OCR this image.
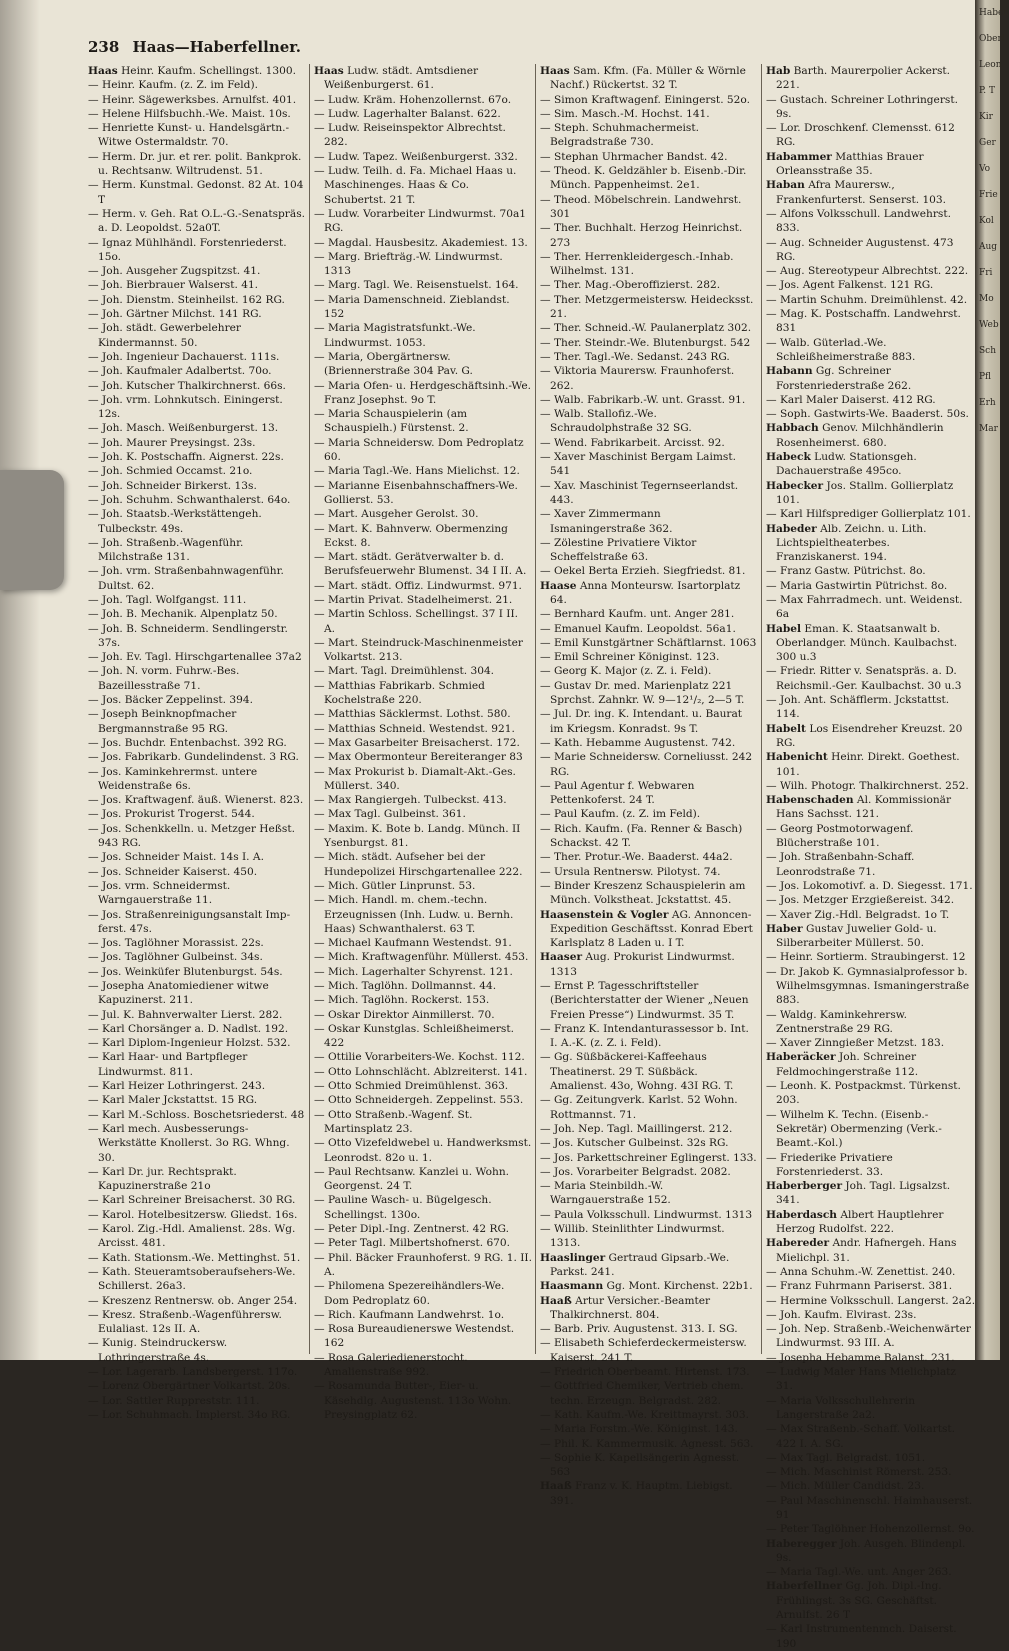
238 Haas—Haberfellner.
Haas Heinr. Kaufm. Schellingst. 1300.
— Heinr. Kaufm. (z. Z. im Feld).
— Heinr. Sägewerksbes. Arnulfst. 401.
— Helene Hilfsbuchh.-We. Maist. 10s.
— Henriette Kunst- u. Handelsgärtn.-Witwe Ostermaldstr. 70.
— Herm. Dr. jur. et rer. polit. Bankprok. u. Rechtsanw. Wiltrudenst. 51.
— Herm. Kunstmal. Gedonst. 82 At. 104 T
— Herm. v. Geh. Rat O.L.-G.-Senatspräs. a. D. Leopoldst. 52a0T.
— Ignaz Mühlhändl. Forstenriederst. 15o.
— Joh. Ausgeher Zugspitzst. 41.
— Joh. Bierbrauer Walserst. 41.
— Joh. Dienstm. Steinheilst. 162 RG.
— Joh. Gärtner Milchst. 141 RG.
— Joh. städt. Gewerbelehrer Kindermannst. 50.
— Joh. Ingenieur Dachauerst. 111s.
— Joh. Kaufmaler Adalbertst. 70o.
— Joh. Kutscher Thalkirchnerst. 66s.
— Joh. vrm. Lohnkutsch. Einingerst. 12s.
— Joh. Masch. Weißenburgerst. 13.
— Joh. Maurer Preysingst. 23s.
— Joh. K. Postschaffn. Aignerst. 22s.
— Joh. Schmied Occamst. 21o.
— Joh. Schneider Birkerst. 13s.
— Joh. Schuhm. Schwanthalerst. 64o.
— Joh. Staatsb.-Werkstättengeh. Tulbeckstr. 49s.
— Joh. Straßenb.-Wagenführ. Milchstraße 131.
— Joh. vrm. Straßenbahnwagenführ. Dultst. 62.
— Joh. Tagl. Wolfgangst. 111.
— Joh. B. Mechanik. Alpenplatz 50.
— Joh. B. Schneiderm. Sendlingerstr. 37s.
— Joh. Ev. Tagl. Hirschgartenallee 37a2
— Joh. N. vorm. Fuhrw.-Bes. Bazeillesstraße 71.
— Jos. Bäcker Zeppelinst. 394.
— Joseph Beinknopfmacher Bergmannstraße 95 RG.
— Jos. Buchdr. Entenbachst. 392 RG.
— Jos. Fabrikarb. Gundelindenst. 3 RG.
— Jos. Kaminkehrermst. untere Weidenstraße 6s.
— Jos. Kraftwagenf. äuß. Wienerst. 823.
— Jos. Prokurist Trogerst. 544.
— Jos. Schenkkelln. u. Metzger Heßst. 943 RG.
— Jos. Schneider Maist. 14s I. A.
— Jos. Schneider Kaiserst. 450.
— Jos. vrm. Schneidermst. Warngauerstraße 11.
— Jos. Straßenreinigungsanstalt Imp- ferst. 47s.
— Jos. Taglöhner Morassist. 22s.
— Jos. Taglöhner Gulbeinst. 34s.
— Jos. Weinküfer Blutenburgst. 54s.
— Josepha Anatomiediener witwe Kapuzinerst. 211.
— Jul. K. Bahnverwalter Lierst. 282.
— Karl Chorsänger a. D. Nadlst. 192.
— Karl Diplom-Ingenieur Holzst. 532.
— Karl Haar- und Bartpfleger Lindwurmst. 811.
— Karl Heizer Lothringerst. 243.
— Karl Maler Jckstattst. 15 RG.
— Karl M.-Schloss. Boschetsriederst. 48
— Karl mech. Ausbesserungs-Werkstätte Knollerst. 3o RG. Whng. 30.
— Karl Dr. jur. Rechtsprakt. Kapuzinerstraße 21o
— Karl Schreiner Breisacherst. 30 RG.
— Karol. Hotelbesitzersw. Gliedst. 16s.
— Karol. Zig.-Hdl. Amalienst. 28s. Wg. Arcisst. 481.
— Kath. Stationsm.-We. Mettinghst. 51.
— Kath. Steueramtsoberaufsehers-We. Schillerst. 26a3.
— Kreszenz Rentnersw. ob. Anger 254.
— Kresz. Straßenb.-Wagenführersw. Eulaliast. 12s II. A.
— Kunig. Steindruckersw. Lothringerstraße 4s.
— Lor. Lagerarb. Landsbergerst. 117o.
— Lorenz Obergärtner Volkartst. 20s.
— Lor. Sattler Ruppreststr. 111.
— Lor. Schuhmach. Implerst. 34o RG.
Haas Ludw. städt. Amtsdiener Weißenburgerst. 61.
— Ludw. Kräm. Hohenzollernst. 67o.
— Ludw. Lagerhalter Balanst. 622.
— Ludw. Reiseinspektor Albrechtst. 282.
— Ludw. Tapez. Weißenburgerst. 332.
— Ludw. Teilh. d. Fa. Michael Haas u. Maschinenges. Haas & Co. Schubertst. 21 T.
— Ludw. Vorarbeiter Lindwurmst. 70a1 RG.
— Magdal. Hausbesitz. Akademiest. 13.
— Marg. Briefträg.-W. Lindwurmst. 1313
— Marg. Tagl. We. Reisenstuelst. 164.
— Maria Damenschneid. Zieblandst. 152
— Maria Magistratsfunkt.-We. Lindwurmst. 1053.
— Maria, Obergärtnersw. (Briennerstraße 304 Pav. G.
— Maria Ofen- u. Herdgeschäftsinh.-We. Franz Josephst. 9o T.
— Maria Schauspielerin (am Schauspielh.) Fürstenst. 2.
— Maria Schneidersw. Dom Pedroplatz 60.
— Maria Tagl.-We. Hans Mielichst. 12.
— Marianne Eisenbahnschaffners-We. Gollierst. 53.
— Mart. Ausgeher Gerolst. 30.
— Mart. K. Bahnverw. Obermenzing Eckst. 8.
— Mart. städt. Gerätverwalter b. d. Berufsfeuerwehr Blumenst. 34 I II. A.
— Mart. städt. Offiz. Lindwurmst. 971.
— Martin Privat. Stadelheimerst. 21.
— Martin Schloss. Schellingst. 37 I II. A.
— Mart. Steindruck-Maschinenmeister Volkartst. 213.
— Mart. Tagl. Dreimühlenst. 304.
— Matthias Fabrikarb. Schmied Kochelstraße 220.
— Matthias Säcklermst. Lothst. 580.
— Matthias Schneid. Westendst. 921.
— Max Gasarbeiter Breisacherst. 172.
— Max Obermonteur Bereiteranger 83
— Max Prokurist b. Diamalt-Akt.-Ges. Müllerst. 340.
— Max Rangiergeh. Tulbeckst. 413.
— Max Tagl. Gulbeinst. 361.
— Maxim. K. Bote b. Landg. Münch. II Ysenburgst. 81.
— Mich. städt. Aufseher bei der Hundepolizei Hirschgartenallee 222.
— Mich. Gütler Linprunst. 53.
— Mich. Handl. m. chem.-techn. Erzeugnissen (Inh. Ludw. u. Bernh. Haas) Schwanthalerst. 63 T.
— Michael Kaufmann Westendst. 91.
— Mich. Kraftwagenführ. Müllerst. 453.
— Mich. Lagerhalter Schyrenst. 121.
— Mich. Taglöhn. Dollmannst. 44.
— Mich. Taglöhn. Rockerst. 153.
— Oskar Direktor Ainmillerst. 70.
— Oskar Kunstglas. Schleißheimerst. 422
— Ottilie Vorarbeiters-We. Kochst. 112.
— Otto Lohnschlächt. Ablzreiterst. 141.
— Otto Schmied Dreimühlenst. 363.
— Otto Schneidergeh. Zeppelinst. 553.
— Otto Straßenb.-Wagenf. St. Martinsplatz 23.
— Otto Vizefeldwebel u. Handwerksmst. Leonrodst. 82o u. 1.
— Paul Rechtsanw. Kanzlei u. Wohn. Georgenst. 24 T.
— Pauline Wasch- u. Bügelgesch. Schellingst. 130o.
— Peter Dipl.-Ing. Zentnerst. 42 RG.
— Peter Tagl. Milbertshofnerst. 670.
— Phil. Bäcker Fraunhoferst. 9 RG. 1. II. A.
— Philomena Spezereihändlers-We. Dom Pedroplatz 60.
— Rich. Kaufmann Landwehrst. 1o.
— Rosa Bureaudienerswe Westendst. 162
— Rosa Galeriedienerstocht. Amalienstraße 992.
— Rosamunda Butter-, Eier- u. Käsehdlg. Augustenst. 113o Wohn. Preysingplatz 62.
Haas Sam. Kfm. (Fa. Müller & Wörnle Nachf.) Rückertst. 32 T.
— Simon Kraftwagenf. Einingerst. 52o.
— Sim. Masch.-M. Hochst. 141.
— Steph. Schuhmachermeist. Belgradstraße 730.
— Stephan Uhrmacher Bandst. 42.
— Theod. K. Geldzähler b. Eisenb.-Dir. Münch. Pappenheimst. 2e1.
— Theod. Möbelschrein. Landwehrst. 301
— Ther. Buchhalt. Herzog Heinrichst. 273
— Ther. Herrenkleidergesch.-Inhab. Wilhelmst. 131.
— Ther. Mag.-Oberoffizierst. 282.
— Ther. Metzgermeistersw. Heidecksst. 21.
— Ther. Schneid.-W. Paulanerplatz 302.
— Ther. Steindr.-We. Blutenburgst. 542
— Ther. Tagl.-We. Sedanst. 243 RG.
— Viktoria Maurersw. Fraunhoferst. 262.
— Walb. Fabrikarb.-W. unt. Grasst. 91.
— Walb. Stallofiz.-We. Schraudolphstraße 32 SG.
— Wend. Fabrikarbeit. Arcisst. 92.
— Xaver Maschinist Bergam Laimst. 541
— Xav. Maschinist Tegernseerlandst. 443.
— Xaver Zimmermann Ismaningerstraße 362.
— Zölestine Privatiere Viktor Scheffelstraße 63.
— Oekel Berta Erzieh. Siegfriedst. 81.
Haase Anna Monteursw. Isartorplatz 64.
— Bernhard Kaufm. unt. Anger 281.
— Emanuel Kaufm. Leopoldst. 56a1.
— Emil Kunstgärtner Schäftlarnst. 1063
— Emil Schreiner Königinst. 123.
— Georg K. Major (z. Z. i. Feld).
— Gustav Dr. med. Marienplatz 221 Sprchst. Zahnkr. W. 9—12¹/₂, 2—5 T.
— Jul. Dr. ing. K. Intendant. u. Baurat im Kriegsm. Konradst. 9s T.
— Kath. Hebamme Augustenst. 742.
— Marie Schneidersw. Corneliusst. 242 RG.
— Paul Agentur f. Webwaren Pettenkoferst. 24 T.
— Paul Kaufm. (z. Z. im Feld).
— Rich. Kaufm. (Fa. Renner & Basch) Schackst. 42 T.
— Ther. Protur.-We. Baaderst. 44a2.
— Ursula Rentnersw. Pilotyst. 74.
— Binder Kreszenz Schauspielerin am Münch. Volkstheat. Jckstattst. 45.
Haasenstein & Vogler AG. Annoncen-Expedition Geschäftsst. Konrad Ebert Karlsplatz 8 Laden u. I T.
Haaser Aug. Prokurist Lindwurmst. 1313
— Ernst P. Tagesschriftsteller (Berichterstatter der Wiener „Neuen Freien Presse“) Lindwurmst. 35 T.
— Franz K. Intendanturassessor b. Int. I. A.-K. (z. Z. i. Feld).
— Gg. Süßbäckerei-Kaffeehaus Theatinerst. 29 T. Süßbäck. Amalienst. 43o, Wohng. 43I RG. T.
— Gg. Zeitungverk. Karlst. 52 Wohn. Rottmannst. 71.
— Joh. Nep. Tagl. Maillingerst. 212.
— Jos. Kutscher Gulbeinst. 32s RG.
— Jos. Parkettschreiner Eglingerst. 133.
— Jos. Vorarbeiter Belgradst. 2082.
— Maria Steinbildh.-W. Warngauerstraße 152.
— Paula Volksschull. Lindwurmst. 1313
— Willib. Steinlithter Lindwurmst. 1313.
Haaslinger Gertraud Gipsarb.-We. Parkst. 241.
Haasmann Gg. Mont. Kirchenst. 22b1.
Haaß Artur Versicher.-Beamter Thalkirchnerst. 804.
— Barb. Priv. Augustenst. 313. I. SG.
— Elisabeth Schieferdeckermeistersw. Kaiserst. 241 T.
— Friedrich Oberbeamt. Hirtenst. 173.
— Gottfried Chemiker, Vertrieb chem. techn. Erzeugn. Belgradst. 282.
— Kath. Kaufm.-We. Kreittmayrst. 303.
— Maria Forstm.-We. Königinst. 143.
— Phil. K. Kammermusik. Agnesst. 563.
— Sophie K. Kapellsängerin Agnesst. 563
Haaß Franz v. K. Hauptm. Liebigst. 391.
Hab Barth. Maurerpolier Ackerst. 221.
— Gustach. Schreiner Lothringerst. 9s.
— Lor. Droschkenf. Clemensst. 612 RG.
Habammer Matthias Brauer Orleansstraße 35.
Haban Afra Maurersw., Frankenfurterst. Senserst. 103.
— Alfons Volksschull. Landwehrst. 833.
— Aug. Schneider Augustenst. 473 RG.
— Aug. Stereotypeur Albrechtst. 222.
— Jos. Agent Falkenst. 121 RG.
— Martin Schuhm. Dreimühlenst. 42.
— Mag. K. Postschaffn. Landwehrst. 831
— Walb. Güterlad.-We. Schleißheimerstraße 883.
Habann Gg. Schreiner Forstenriederstraße 262.
— Karl Maler Daiserst. 412 RG.
— Soph. Gastwirts-We. Baaderst. 50s.
Habbach Genov. Milchhändlerin Rosenheimerst. 680.
Habeck Ludw. Stationsgeh. Dachauerstraße 495co.
Habecker Jos. Stallm. Gollierplatz 101.
— Karl Hilfsprediger Gollierplatz 101.
Habeder Alb. Zeichn. u. Lith. Lichtspieltheaterbes. Franziskanerst. 194.
— Franz Gastw. Pütrichst. 8o.
— Maria Gastwirtin Pütrichst. 8o.
— Max Fahrradmech. unt. Weidenst. 6a
Habel Eman. K. Staatsanwalt b. Oberlandger. Münch. Kaulbachst. 300 u.3
— Friedr. Ritter v. Senatspräs. a. D. Reichsmil.-Ger. Kaulbachst. 30 u.3
— Joh. Ant. Schäfflerm. Jckstattst. 114.
Habelt Los Eisendreher Kreuzst. 20 RG.
Habenicht Heinr. Direkt. Goethest. 101.
— Wilh. Photogr. Thalkirchnerst. 252.
Habenschaden Al. Kommissionär Hans Sachsst. 121.
— Georg Postmotorwagenf. Blücherstraße 101.
— Joh. Straßenbahn-Schaff. Leonrodstraße 71.
— Jos. Lokomotivf. a. D. Siegesst. 171.
— Jos. Metzger Erzgießereist. 342.
— Xaver Zig.-Hdl. Belgradst. 1o T.
Haber Gustav Juwelier Gold- u. Silberarbeiter Müllerst. 50.
— Heinr. Sortierm. Straubingerst. 12
— Dr. Jakob K. Gymnasialprofessor b. Wilhelmsgymnas. Ismaningerstraße 883.
— Waldg. Kaminkehrersw. Zentnerstraße 29 RG.
— Xaver Zinngießer Metzst. 183.
Haberäcker Joh. Schreiner Feldmochingerstraße 112.
— Leonh. K. Postpackmst. Türkenst. 203.
— Wilhelm K. Techn. (Eisenb.-Sekretär) Obermenzing (Verk.-Beamt.-Kol.)
— Friederike Privatiere Forstenriederst. 33.
Haberberger Joh. Tagl. Ligsalzst. 341.
Haberdasch Albert Hauptlehrer Herzog Rudolfst. 222.
Habereder Andr. Hafnergeh. Hans Mielichpl. 31.
— Anna Schuhm.-W. Zenettist. 240.
— Franz Fuhrmann Pariserst. 381.
— Hermine Volksschull. Langerst. 2a2.
— Joh. Kaufm. Elvirast. 23s.
— Joh. Nep. Straßenb.-Weichenwärter Lindwurmst. 93 III. A.
— Josepha Hebamme Balanst. 231.
— Ludwig Maler Hans Mielichplatz 31.
— Maria Volksschullehrerin Langerstraße 2a2.
— Max Straßenb.-Schaff. Volkartst. 422 I. A. SG.
— Max Tagl. Belgradst. 1051.
— Mich. Maschinist Römerst. 253.
— Mich. Müller Candidst. 23.
— Paul Maschinenschl. Haimhauserst. 91
— Peter Taglöhner Hohenzollernst. 9o.
Haberegger Joh. Ausgeh. Blindenpl. 9s.
— Maria Tagl.-We. unt. Anger 263.
Haberfellner Gg. Joh. Dipl.-Ing. Frühlingst. 3s SG. Geschäftst. Arnulfst. 26 T
— Karl Instrumentenmch. Daiserst. 190
Haben
Oberl
Leon
P. T
Kir
Ger
Vo
Frie
Kol
Aug
Fri
Mo
Web
Sch
Pfl
Erh
Mar
